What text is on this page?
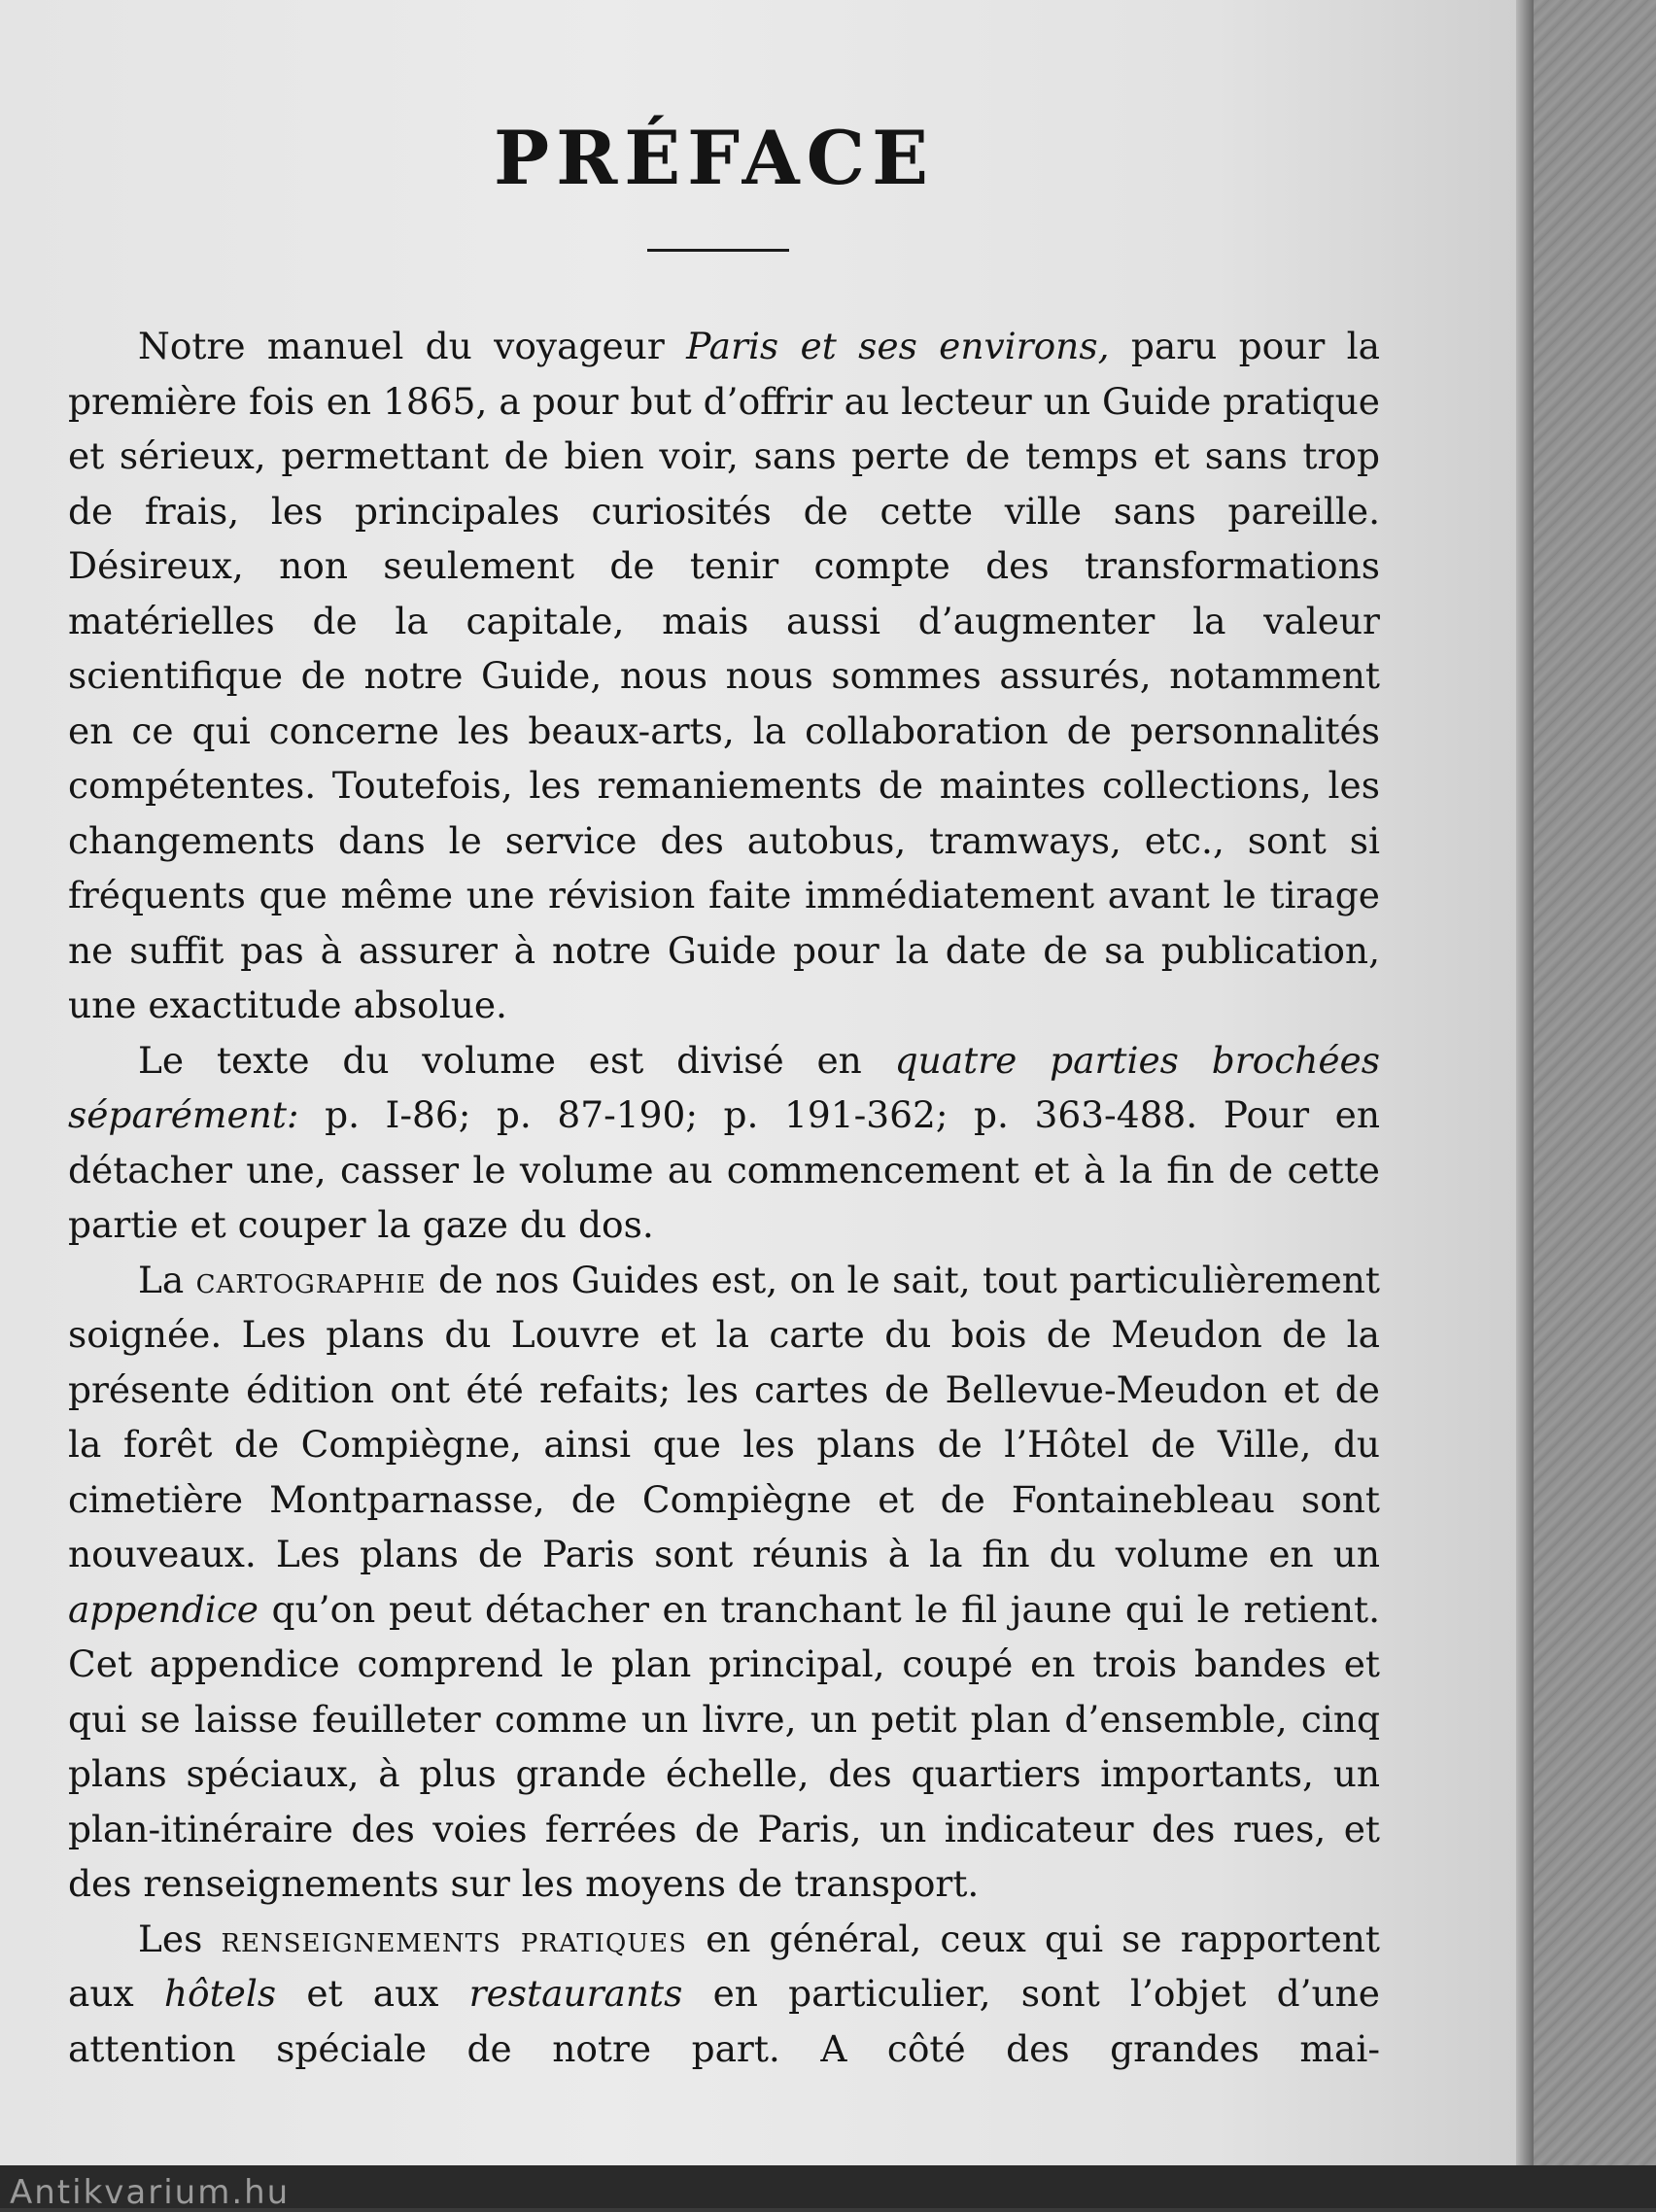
PRÉFACE

Notre manuel du voyageur Paris et ses environs, paru pour la première fois en 1865, a pour but d’offrir au lecteur un Guide pratique et sérieux, permettant de bien voir, sans perte de temps et sans trop de frais, les principales curiosités de cette ville sans pareille. Désireux, non seulement de tenir compte des transformations matérielles de la capitale, mais aussi d’augmenter la valeur scientifique de notre Guide, nous nous sommes assurés, notamment en ce qui concerne les beaux-arts, la collaboration de personnalités compétentes. Toutefois, les remaniements de maintes collections, les changements dans le service des autobus, tramways, etc., sont si fréquents que même une révision faite immédiatement avant le tirage ne suffit pas à assurer à notre Guide pour la date de sa publication, une exactitude absolue.

Le texte du volume est divisé en quatre parties brochées séparément: p. I-86; p. 87-190; p. 191-362; p. 363-488. Pour en détacher une, casser le volume au commencement et à la fin de cette partie et couper la gaze du dos.

La cartographie de nos Guides est, on le sait, tout particulièrement soignée. Les plans du Louvre et la carte du bois de Meudon de la présente édition ont été refaits; les cartes de Bellevue-Meudon et de la forêt de Compiègne, ainsi que les plans de l’Hôtel de Ville, du cimetière Montparnasse, de Compiègne et de Fontainebleau sont nouveaux. Les plans de Paris sont réunis à la fin du volume en un appendice qu’on peut détacher en tranchant le fil jaune qui le retient. Cet appendice comprend le plan principal, coupé en trois bandes et qui se laisse feuilleter comme un livre, un petit plan d’ensemble, cinq plans spéciaux, à plus grande échelle, des quartiers importants, un plan-itinéraire des voies ferrées de Paris, un indicateur des rues, et des renseignements sur les moyens de transport.

Les renseignements pratiques en général, ceux qui se rapportent aux hôtels et aux restaurants en particulier, sont l’objet d’une attention spéciale de notre part. A côté des grandes mai-

Antikvarium.hu
